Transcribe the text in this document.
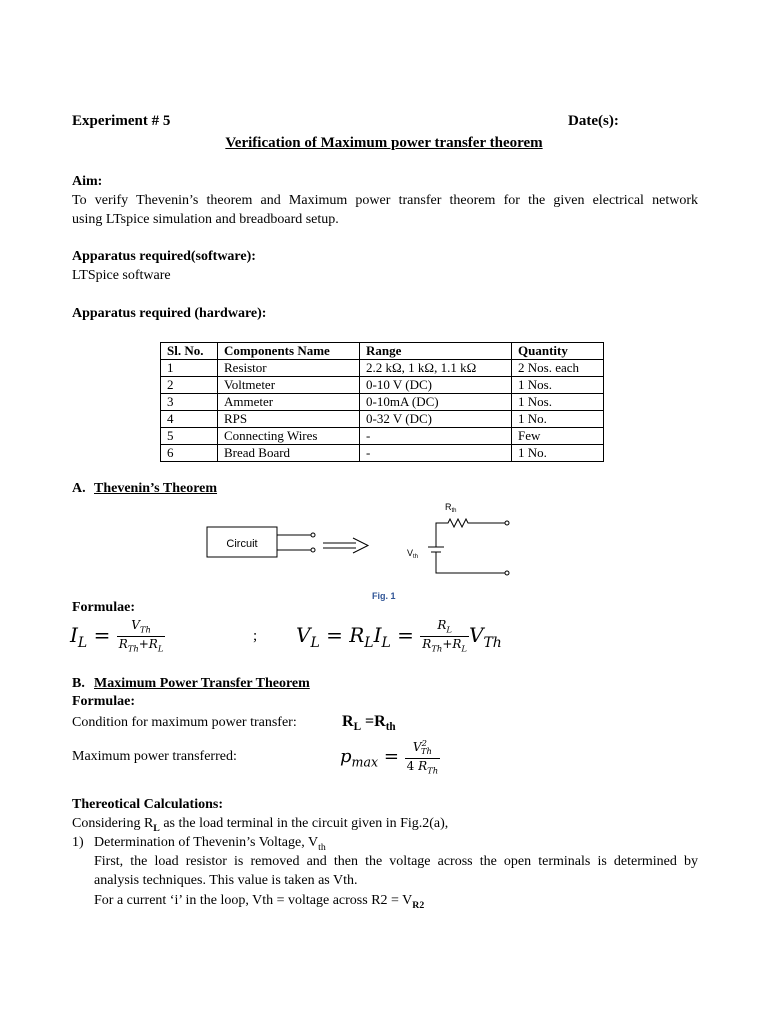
Experiment # 5	Date(s):
Verification of Maximum power transfer theorem
Aim:
To verify Thevenin’s theorem and Maximum power transfer theorem for the given electrical network
using LTspice simulation and breadboard setup.
Apparatus required(software):
LTSpice software
Apparatus required (hardware):
Sl. No.	Components Name	Range	Quantity
1	Resistor	2.2 kΩ, 1 kΩ, 1.1 kΩ	2 Nos. each
2	Voltmeter	0-10 V (DC)	1 Nos.
3	Ammeter	0-10mA (DC)	1 Nos.
4	RPS	0-32 V (DC)	1 No.
5	Connecting Wires	-	Few
6	Bread Board	-	1 No.
A. Thevenin’s Theorem
Circuit
$R_{th}$
$V_{th}$
Fig. 1
Formulae:
$I_L = \frac{V_{Th}}{R_{Th}+R_L}$	; $V_L = R_LI_L = \frac{R_L}{R_{Th}+R_L} V_{Th}$
B. Maximum Power Transfer Theorem
Formulae:
Condition for maximum power transfer:	$R_L =R_{th}$
Maximum power transferred:	$p_{max} = \frac{V^2_{Th}}{4 R_{Th}}$
Thereotical Calculations:
Considering $R_L$ as the load terminal in the circuit given in Fig.2(a),
1) Determination of Thevenin’s Voltage, $V_{th}$
First, the load resistor is removed and then the voltage across the open terminals is determined by
analysis techniques. This value is taken as Vth.
For a current ‘i’ in the loop, Vth = voltage across $R2 = V_{R2}$
